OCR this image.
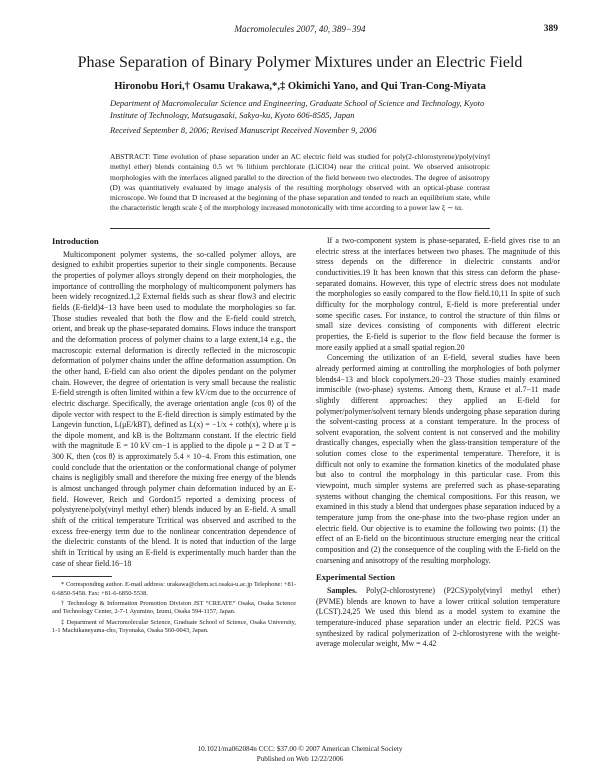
Macromolecules 2007, 40, 389−394	389
Phase Separation of Binary Polymer Mixtures under an Electric Field
Hironobu Hori,† Osamu Urakawa,*,‡ Okimichi Yano, and Qui Tran-Cong-Miyata
Department of Macromolecular Science and Engineering, Graduate School of Science and Technology, Kyoto Institute of Technology, Matsugasaki, Sakyo-ku, Kyoto 606-8585, Japan
Received September 8, 2006; Revised Manuscript Received November 9, 2006
ABSTRACT: Time evolution of phase separation under an AC electric field was studied for poly(2-chlorostyrene)/poly(vinyl methyl ether) blends containing 0.5 wt % lithium perchlorate (LiClO4) near the critical point. We observed anisotropic morphologies with the interfaces aligned parallel to the direction of the field between two electrodes. The degree of anisotropy (D) was quantitatively evaluated by image analysis of the resulting morphology observed with an optical-phase contrast microscope. We found that D increased at the beginning of the phase separation and tended to reach an equilibrium state, while the characteristic length scale ξ of the morphology increased monotonically with time according to a power law ξ ∼ tα.
Introduction

Multicomponent polymer systems, the so-called polymer alloys, are designed to exhibit properties superior to their single components. Because the properties of polymer alloys strongly depend on their morphologies, the importance of controlling the morphology of multicomponent polymers has been widely recognized.1,2 External fields such as shear flow3 and electric fields (E-field)4−13 have been used to modulate the morphologies so far. Those studies revealed that both the flow and the E-field could stretch, orient, and break up the phase-separated domains. Flows induce the transport and the deformation process of polymer chains to a large extent,14 e.g., the macroscopic external deformation is directly reflected in the microscopic deformation of polymer chains under the affine deformation assumption. On the other hand, E-field can also orient the dipoles pendant on the polymer chain. However, the degree of orientation is very small because the realistic E-field strength is often limited within a few kV/cm due to the occurrence of electric discharge. Specifically, the average orientation angle ⟨cos θ⟩ of the dipole vector with respect to the E-field direction is simply estimated by the Langevin function, L(μE/kBT), defined as L(x) = −1/x + coth(x), where μ is the dipole moment, and kB is the Boltzmann constant. If the electric field with the magnitude E = 10 kV cm−1 is applied to the dipole μ = 2 D at T = 300 K, then ⟨cos θ⟩ is approximately 5.4 × 10−4. From this estimation, one could conclude that the orientation or the conformational change of polymer chains is negligibly small and therefore the mixing free energy of the blends is almost unchanged through polymer chain deformation induced by an E-field. However, Reich and Gordon15 reported a demixing process of polystyrene/poly(vinyl methyl ether) blends induced by an E-field. A small shift of the critical temperature Tcritical was observed and ascribed to the excess free-energy term due to the nonlinear concentration dependence of the dielectric constants of the blend. It is noted that induction of the large shift in Tcritical by using an E-field is experimentally much harder than the case of shear field.16−18

* Corresponding author. E-mail address: urakawa@chem.sci.osaka-u.ac.jp Telephone: +81-6-6850-5458. Fax: +81-6-6850-5538.

† Technology & Information Promotion Division JST “CREATE” Osaka, Osaka Science and Technology Center, 2-7-1 Ayumino, Izumi, Osaka 594-1157, Japan.

‡ Department of Macromolecular Science, Graduate School of Science, Osaka University, 1-1 Machikaneyama-cho, Toyonaka, Osaka 560-0043, Japan.

If a two-component system is phase-separated, E-field gives rise to an electric stress at the interfaces between two phases. The magnitude of this stress depends on the difference in dielectric constants and/or conductivities.19 It has been known that this stress can deform the phase-separated domains. However, this type of electric stress does not modulate the morphologies so easily compared to the flow field.10,11 In spite of such difficulty for the morphology control, E-field is more preferential under some specific cases. For instance, to control the structure of thin films or small size devices consisting of components with different electric properties, the E-field is superior to the flow field because the former is more easily applied at a small spatial region.20

Concerning the utilization of an E-field, several studies have been already performed aiming at controlling the morphologies of both polymer blends4−13 and block copolymers.20−23 Those studies mainly examined immiscible (two-phase) systems. Among them, Krause et al.7−11 made slightly different approaches: they applied an E-field for polymer/polymer/solvent ternary blends undergoing phase separation during the solvent-casting process at a constant temperature. In the process of solvent evaporation, the solvent content is not conserved and the mobility drastically changes, especially when the glass-transition temperature of the solution comes close to the experimental temperature. Therefore, it is difficult not only to examine the formation kinetics of the modulated phase but also to control the morphology in this particular case. From this viewpoint, much simpler systems are preferred such as phase-separating systems without changing the chemical compositions. For this reason, we examined in this study a blend that undergoes phase separation induced by a temperature jump from the one-phase into the two-phase region under an electric field. Our objective is to examine the following two points: (1) the effect of an E-field on the bicontinuous structure emerging near the critical composition and (2) the consequence of the coupling with the E-field on the coarsening and anisotropy of the resulting morphology.

Experimental Section

Samples. Poly(2-chlorostyrene) (P2CS)/poly(vinyl methyl ether) (PVME) blends are known to have a lower critical solution temperature (LCST).24,25 We used this blend as a model system to examine the temperature-induced phase separation under an electric field. P2CS was synthesized by radical polymerization of 2-chlorostyrene with the weight-average molecular weight, Mw = 4.42

10.1021/ma062084n CCC: $37.00 © 2007 American Chemical Society
Published on Web 12/22/2006
